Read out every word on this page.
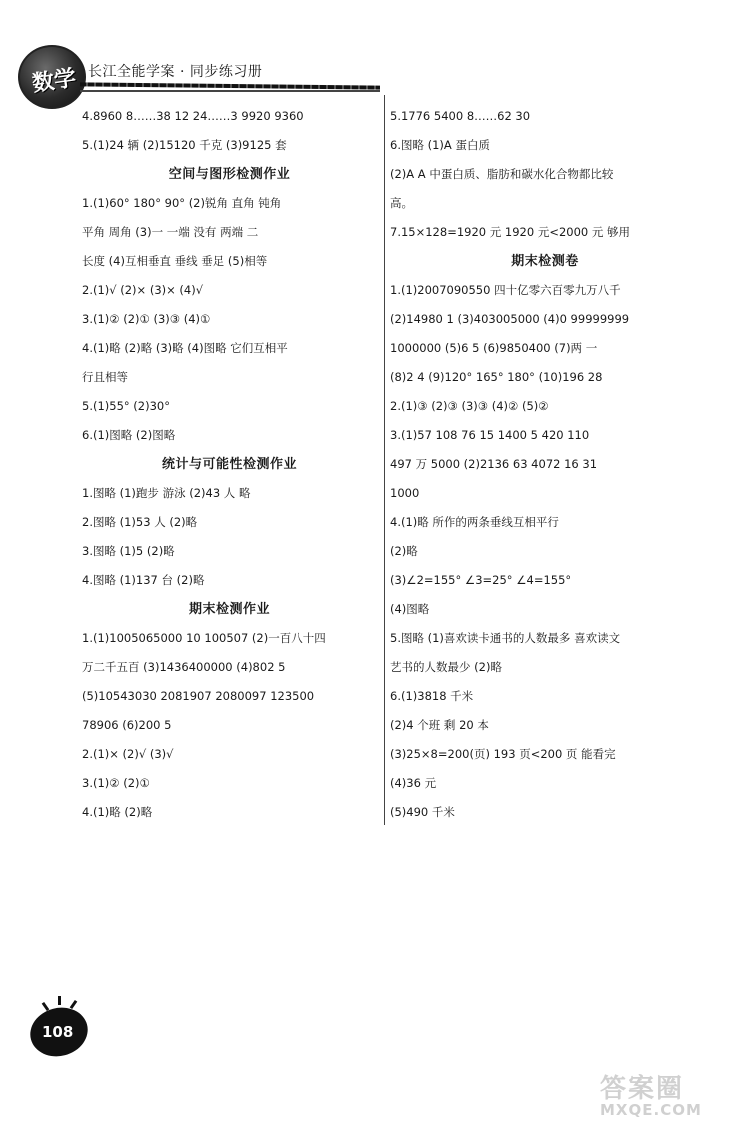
数学 长江全能学案 · 同步练习册
4.8960 8……38 12 24……3 9920 9360
5.(1)24 辆 (2)15120 千克 (3)9125 套
空间与图形检测作业
1.(1)60° 180° 90° (2)锐角 直角 钝角
平角 周角 (3)一 一端 没有 两端 二
长度 (4)互相垂直 垂线 垂足 (5)相等
2.(1)√ (2)× (3)× (4)√
3.(1)② (2)① (3)③ (4)①
4.(1)略 (2)略 (3)略 (4)图略 它们互相平
行且相等
5.(1)55° (2)30°
6.(1)图略 (2)图略
统计与可能性检测作业
1.图略 (1)跑步 游泳 (2)43 人 略
2.图略 (1)53 人 (2)略
3.图略 (1)5 (2)略
4.图略 (1)137 台 (2)略
期末检测作业
1.(1)1005065000 10 100507 (2)一百八十四
万二千五百 (3)1436400000 (4)802 5
(5)10543030 2081907 2080097 123500
78906 (6)200 5
2.(1)× (2)√ (3)√
3.(1)② (2)①
4.(1)略 (2)略
5.1776 5400 8……62 30
6.图略 (1)A 蛋白质
(2)A A 中蛋白质、脂肪和碳水化合物都比较
高。
7.15×128=1920 元 1920 元<2000 元 够用
期末检测卷
1.(1)2007090550 四十亿零六百零九万八千
(2)14980 1 (3)403005000 (4)0 99999999
1000000 (5)6 5 (6)9850400 (7)两 一
(8)2 4 (9)120° 165° 180° (10)196 28
2.(1)③ (2)③ (3)③ (4)② (5)②
3.(1)57 108 76 15 1400 5 420 110
497 万 5000 (2)2136 63 4072 16 31
1000
4.(1)略 所作的两条垂线互相平行
(2)略
(3)∠2=155° ∠3=25° ∠4=155°
(4)图略
5.图略 (1)喜欢读卡通书的人数最多 喜欢读文
艺书的人数最少 (2)略
6.(1)3818 千米
(2)4 个班 剩 20 本
(3)25×8=200(页) 193 页<200 页 能看完
(4)36 元
(5)490 千米
108
答案圈
MXQE.COM
